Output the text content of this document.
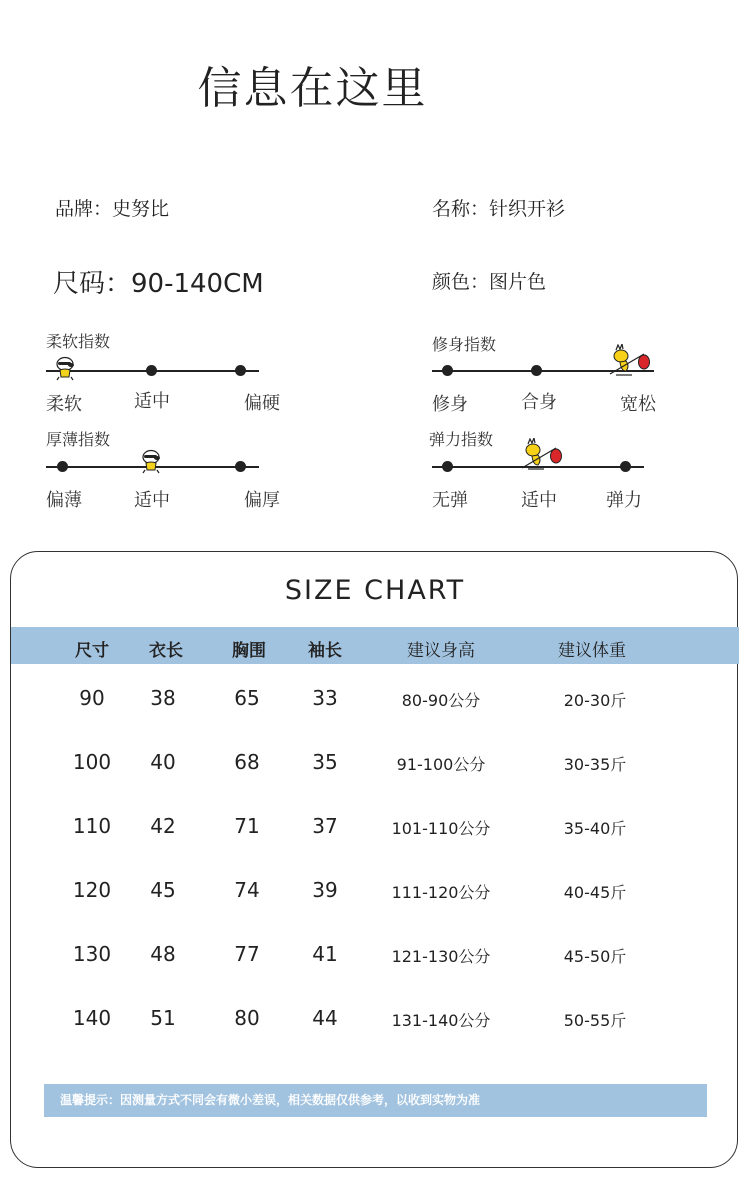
信息在这里
品牌：史努比	名称：针织开衫
尺码：90-140CM	颜色：图片色
柔软指数
柔软	适中	偏硬
修身指数
修身	合身	宽松
厚薄指数
偏薄	适中	偏厚
弹力指数
无弹	适中	弹力
SIZE CHART
尺寸 衣长	胸围 袖长	建议身高	建议体重
90 38	65	33	80-90公分	20-30斤
100 40	68	35	91-100公分	30-35斤
110 42	71	37	101-110公分	35-40斤
120 45	74	39	111-120公分	40-45斤
130 48	77	41	121-130公分	45-50斤
140 51	80	44	131-140公分	50-55斤
温馨提示：因测量方式不同会有微小差误，相关数据仅供参考，以收到实物为准
